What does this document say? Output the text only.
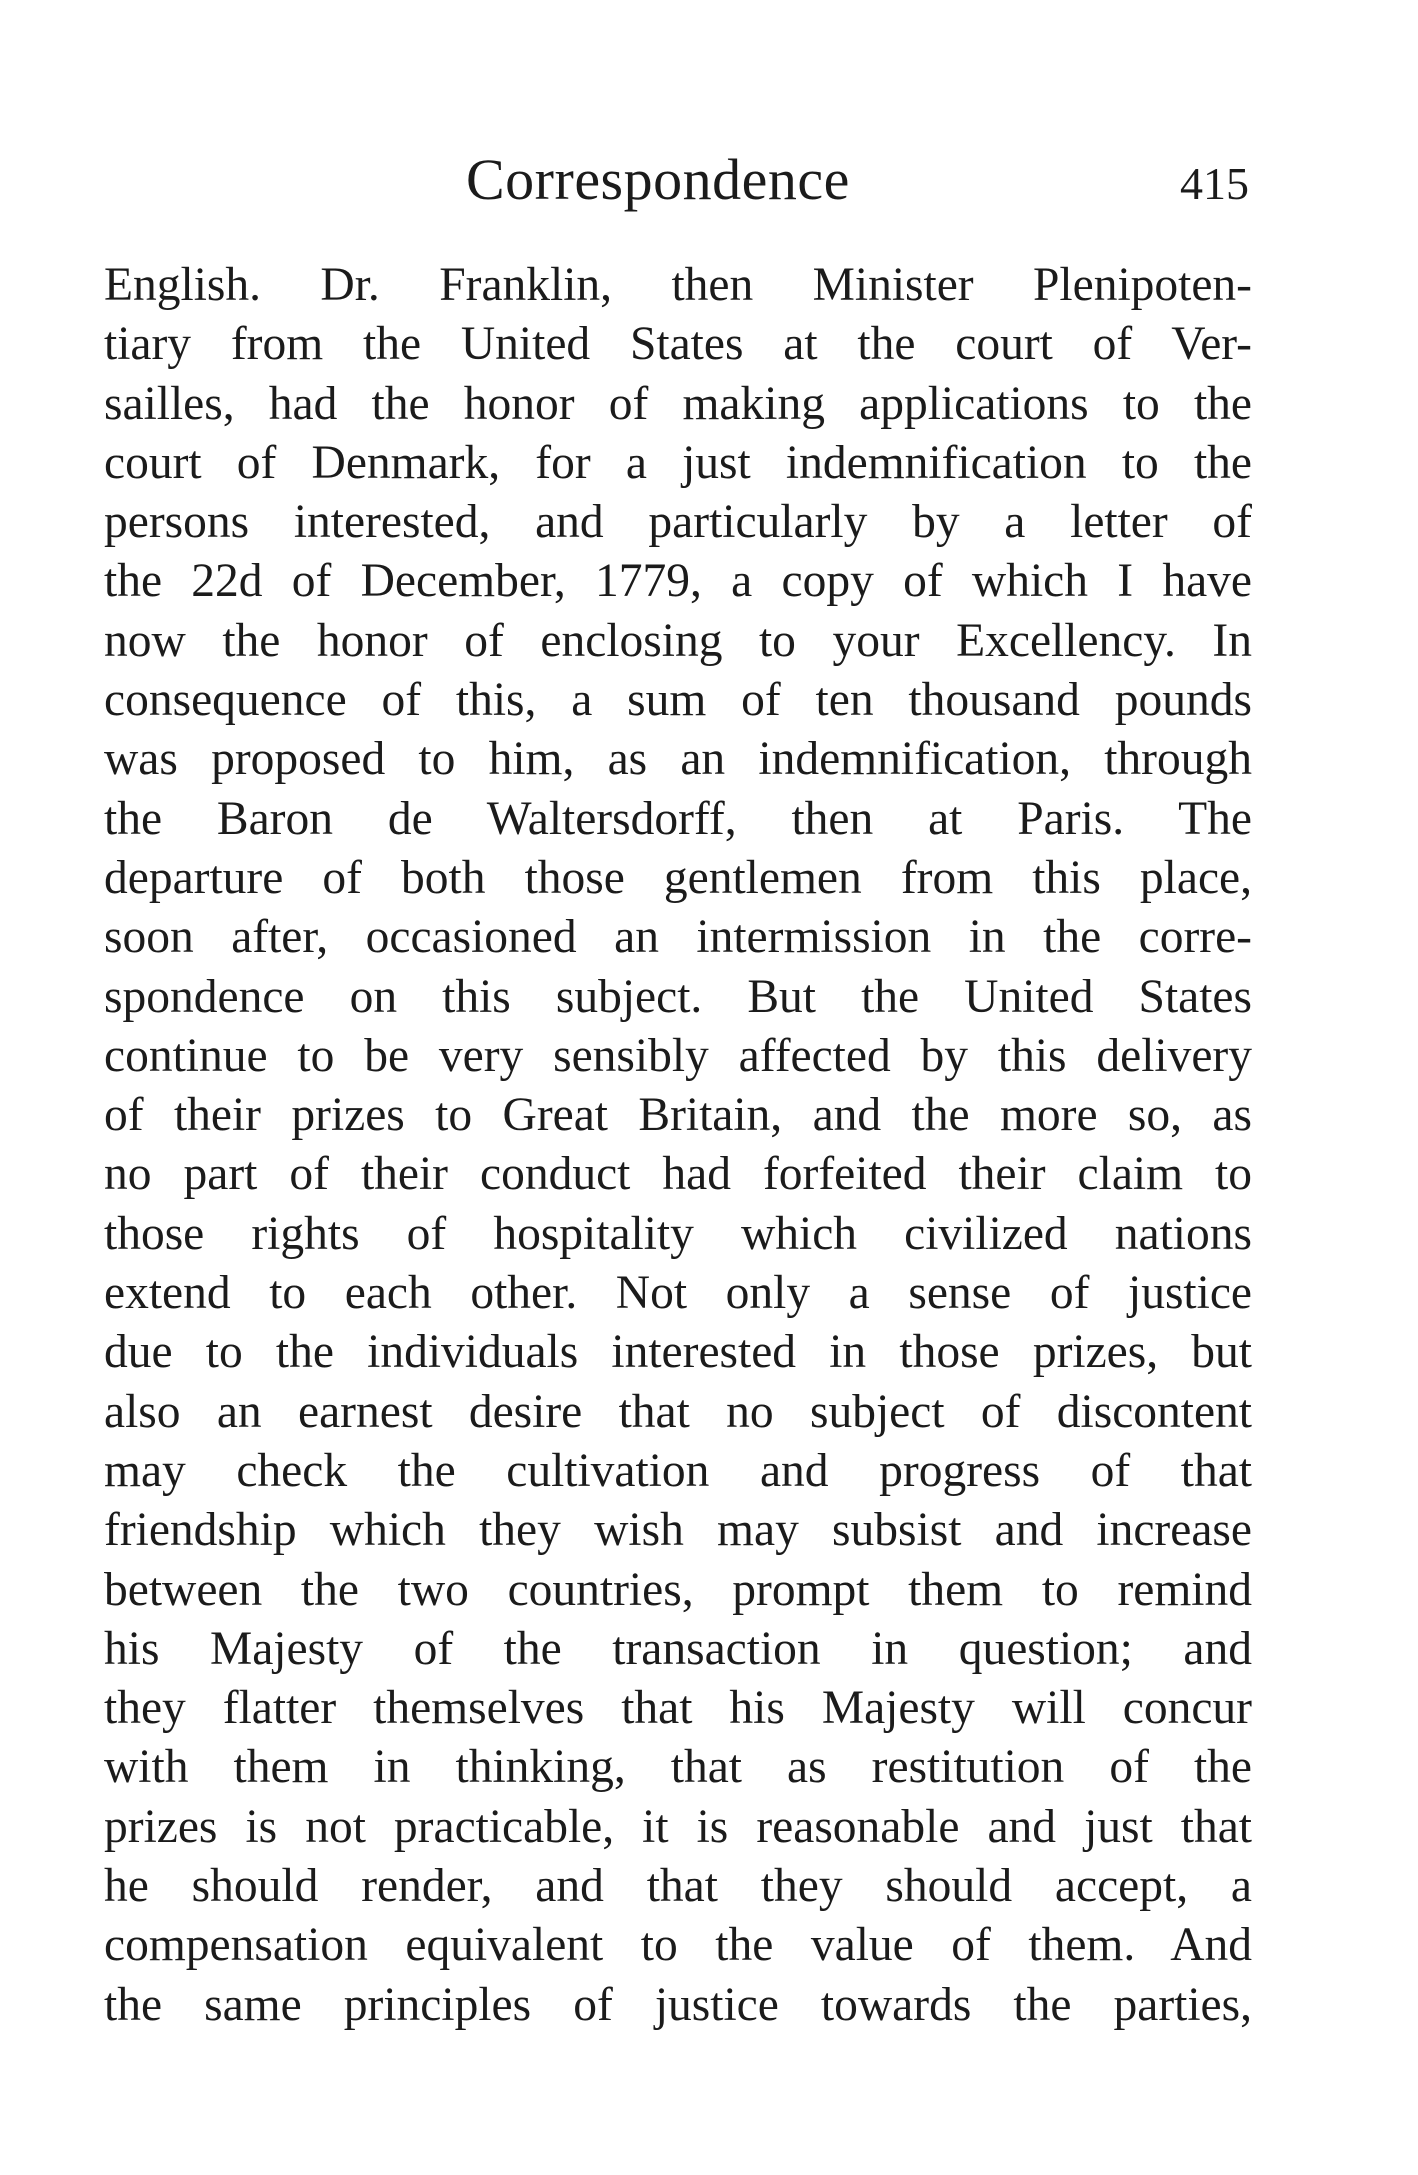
Correspondence	415
English. Dr. Franklin, then Minister Plenipoten-
tiary from the United States at the court of Ver-
sailles, had the honor of making applications to the
court of Denmark, for a just indemnification to the
persons interested, and particularly by a letter of
the 22d of December, 1779, a copy of which I have
now the honor of enclosing to your Excellency. In
consequence of this, a sum of ten thousand pounds
was proposed to him, as an indemnification, through
the Baron de Waltersdorff, then at Paris. The
departure of both those gentlemen from this place,
soon after, occasioned an intermission in the corre-
spondence on this subject. But the United States
continue to be very sensibly affected by this delivery
of their prizes to Great Britain, and the more so, as
no part of their conduct had forfeited their claim to
those rights of hospitality which civilized nations
extend to each other. Not only a sense of justice
due to the individuals interested in those prizes, but
also an earnest desire that no subject of discontent
may check the cultivation and progress of that
friendship which they wish may subsist and increase
between the two countries, prompt them to remind
his Majesty of the transaction in question; and
they flatter themselves that his Majesty will concur
with them in thinking, that as restitution of the
prizes is not practicable, it is reasonable and just that
he should render, and that they should accept, a
compensation equivalent to the value of them. And
the same principles of justice towards the parties,
